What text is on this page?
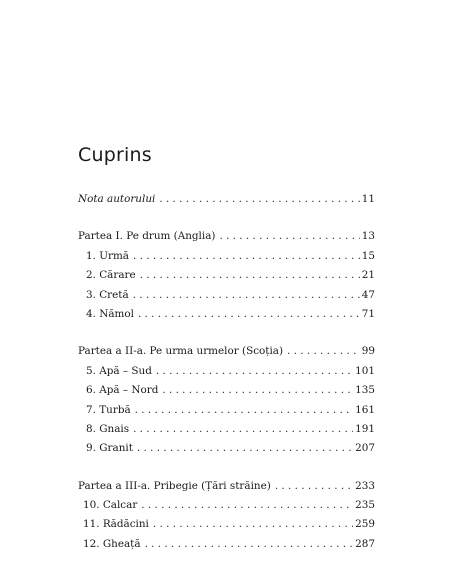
Cuprins
Nota autorului . . .	11
Partea I. Pe drum (Anglia) . . .	13
1. Urmă . . .	15
2. Cărare . . .	21
3. Cretă . . .	47
4. Nămol . . .	71
Partea a II-a. Pe urma urmelor (Scoția) . . .	99
5. Apă – Sud . . .	101
6. Apă – Nord . . .	135
7. Turbă . . .	161
8. Gnais . . .	191
9. Granit . . .	207
Partea a III-a. Pribegie (Țări străine) . . .	233
10. Calcar . . .	235
11. Rădăcini . . .	259
12. Gheață . . .	287
